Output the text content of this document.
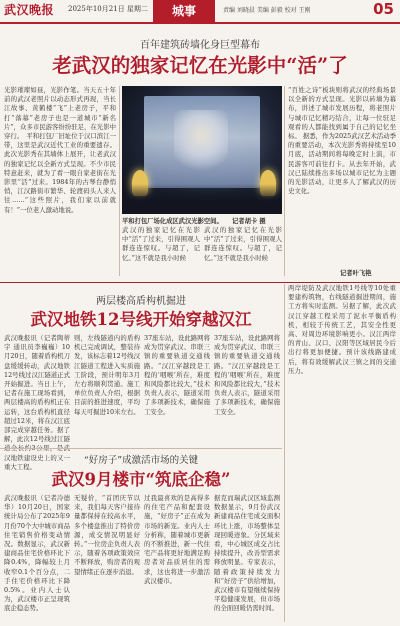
武汉晚报 2025年10月21日 星期二	城事	责编 刘晓晨 美编 彭毅 校对 王刚	05
百年建筑砖墙化身巨型幕布
老武汉的独家记忆在光影中“活”了
光影璀璨如昼，光影作笔。当天五十年前的武汉老照片以动态形式再现，当长江故事、黄鹤楼“飞”上老房子，平和打“落幕”老房子也是一道城市“新名片”，众多市民游客纷纷驻足，在光影中穿行。　平和打包厂旧址位于汉口滨江一带，这里是武汉近代工业的重要遗存。此次光影秀在其墙体上展开，让老武汉的独家记忆以全新方式呈现。不少市民特意赶来，就为了看一眼自家老街在光影里“活”过来。1984年的古琴台静悄悄，江汉路街市繁华、轮渡码头人来人往……“这些照片，我们家以前就有！”一位老人激动地说。
平和打包厂场化成区武汉光影空间。	记者胡卡 摄
武汉的独家记忆在光影中“活”了过来，引得围观人群连连惊叹。与超了，记忆。”这不就是我小时候
武汉的独家记忆在光影中“活”了过来，引得围观人群连连惊叹。与超了，记忆。”这不就是我小时候
“百姓之诗”板块则将武汉的经典场景以全新的方式呈现。光影以砖墙为幕布，讲述了城市发展历程，将老照片与城市记忆精巧结合，让每一位驻足观看的人都能找到属于自己的记忆坐标。 据悉，作为2025武汉艺术活动季的重要活动，本次光影秀将持续至10月底，活动期间将每晚定时上演，市民游客可前往打卡。从去年开始，武汉已陆续推出多场以城市记忆为主题的光影活动，让更多人了解武汉的历史文化。
记者叶飞艳
两层楼高盾构机掘进
武汉地铁12号线开始穿越汉江
武汉晚报讯（记者陶蒂宇 通讯员李巍巍）10月20日，随着盾构机刀盘缓缓转动，武汉地铁12号线过汉江隧道正式开始掘进。当日上午，记者在施工现场看到，两层楼高的盾构机正在运转，这台盾构机直径超过12米，将在汉江底部完成穿越任务。据了解，此次12号线过江隧 汉地铁建设史上的又一重大工程。
则，左线隧道内的盾构机已完成调试，整装待发，该标志着12号线汉江隧道工程进入实质施工阶段，预计明年3月左右将顺利贯通。施工单位负责人介绍，根据目前的推进速度，平均每天可掘进10米左右。
37座车站，设此路网将成为贯穿武汉、串联三镇的重要轨道交通线路。“汉江穿越段是工程的‘咽喉’所在，难度和风险都比较大，”技术负责人表示，隧道采用了多项新技术，确保施工安全。
37座车站，设此路网将成为贯穿武汉、串联三镇的重要轨道交通线路。“汉江穿越段是工程的‘咽喉’所在，难度和风险都比较大，”技术负责人表示，隧道采用了多项新技术，确保施工安全。
两岸堤防及武汉地铁1号线等10处重要建构筑物，右线隧道掘进期间，施工方将实时监测。另据了解，此次武汉江穿越工程采用了泥水平衡盾构机，相较于传统工艺，其安全性更高、对周边环境影响更小。汉江两岸的青山、汉口、汉阳等区域居民今后出行将更加便捷。预计该线路建成后，将有效缓解武汉三镇之间的交通压力。
“好房子”成激活市场的关键
武汉9月楼市“筑底企稳”
武汉晚报讯（记者冷德华）10月20日，国家统计局公布了2025年9月份70个大中城市商品住宅销售价格变动情况。数据显示，武汉新建商品住宅价格环比下降0.4%，降幅较上月收窄0.1个百分点，二手住宅价格环比下降0.5%。业内人士认为，武汉楼市正呈现筑底企稳态势。
无疑价，“首团庆节以来，我们每天客户接待量都保持在较高水平，多个楼盘推出了特价房源，成交情况明显好转。”一位房企负责人表示，随着各项政策效应不断释放，购房者的观望情绪正在逐步消退。
过我最喜欢的是高得多的住宅产品和配套设施，“好房子”正在成为市场的新宠。业内人士分析称，随着城市更新的不断推进，新一代住宅产品将更好地满足购房者对品质居住的需求，这也将进一步激活武汉楼市。
据克而瑞武汉区域监测数据显示，9月份武汉新建商品住宅成交面积环比上涨，市场整体呈现回暖迹象。分区域来看，中心城区成交占比持续提升，改善型需求释放明显。专家表示，随着政策持续发力和“好房子”供给增加，武汉楼市有望继续保持平稳健康发展，但市场的全面回暖仍需时间。
